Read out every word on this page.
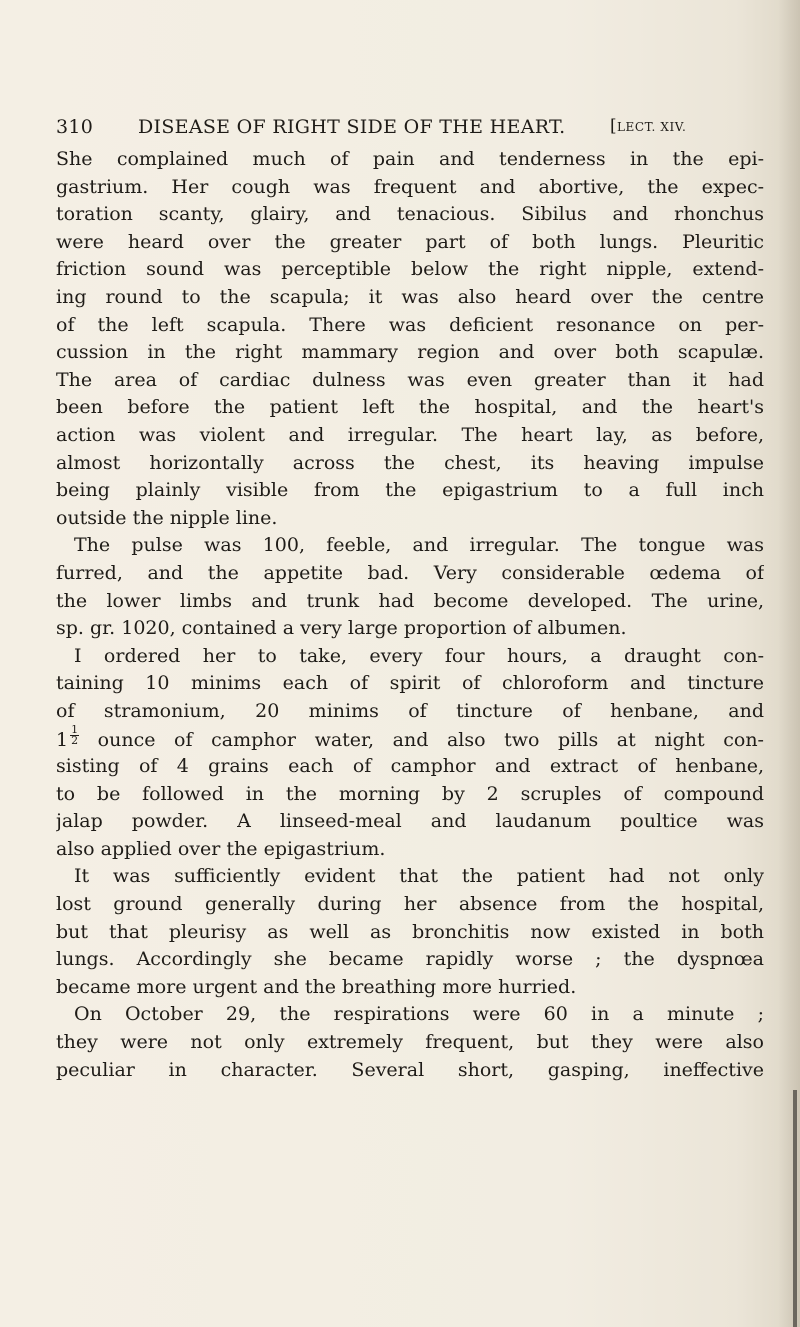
310 DISEASE OF RIGHT SIDE OF THE HEART.	[LECT. XIV.
She complained much of pain and tenderness in the epi-
gastrium. Her cough was frequent and abortive, the expec-
toration scanty, glairy, and tenacious. Sibilus and rhonchus
were heard over the greater part of both lungs. Pleuritic
friction sound was perceptible below the right nipple, extend-
ing round to the scapula; it was also heard over the centre
of the left scapula. There was deficient resonance on per-
cussion in the right mammary region and over both scapulæ.
The area of cardiac dulness was even greater than it had
been before the patient left the hospital, and the heart's
action was violent and irregular. The heart lay, as before,
almost horizontally across the chest, its heaving impulse
being plainly visible from the epigastrium to a full inch
outside the nipple line.
The pulse was 100, feeble, and irregular. The tongue was
furred, and the appetite bad. Very considerable œdema of
the lower limbs and trunk had become developed. The urine,
sp. gr. 1020, contained a very large proportion of albumen.
I ordered her to take, every four hours, a draught con-
taining 10 minims each of spirit of chloroform and tincture
of stramonium, 20 minims of tincture of henbane, and
$1 \frac{1}{2}$ ounce of camphor water, and also two pills at night con-
sisting of 4 grains each of camphor and extract of henbane,
to be followed in the morning by 2 scruples of compound
jalap powder. A linseed-meal and laudanum poultice was
also applied over the epigastrium.
It was sufficiently evident that the patient had not only
lost ground generally during her absence from the hospital,
but that pleurisy as well as bronchitis now existed in both
lungs. Accordingly she became rapidly worse ; the dyspnœa
became more urgent and the breathing more hurried.
On October 29, the respirations were 60 in a minute ;
they were not only extremely frequent, but they were also
peculiar in character. Several short, gasping, ineffective
